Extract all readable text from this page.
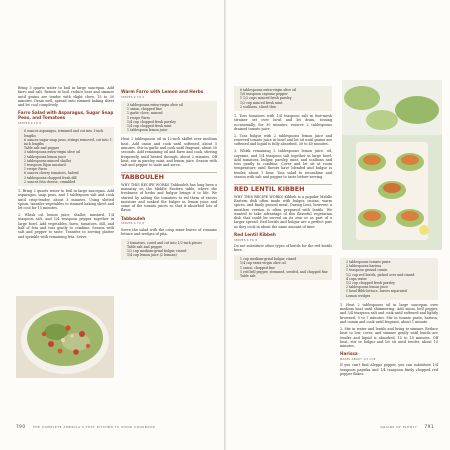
Bring 3 quarts water to boil in large saucepan. Add farro and salt. Return to boil, reduce heat and simmer until grains are tender with slight chew, 15 to 30 minutes. Drain well, spread onto rimmed baking sheet and let cool completely.

Farro Salad with Asparagus, Sugar Snap Peas, and Tomatoes
SERVES 4 TO 6
6 ounces asparagus, trimmed and cut into 1-inch lengths
6 ounces sugar snap peas, strings removed, cut into 1-inch lengths
Table salt and pepper
3 tablespoons extra-virgin olive oil
2 tablespoons lemon juice
2 tablespoons minced shallot
1 teaspoon Dijon mustard
1 recipe Farro
6 ounces cherry tomatoes, halved
3 tablespoons chopped fresh dill
2 ounces feta cheese, crumbled

1. Bring 2 quarts water to boil in large saucepan. Add asparagus, snap peas, and 1 tablespoon salt and cook until crisp-tender, about 3 minutes. Using slotted spoon, transfer vegetables to rimmed baking sheet and let cool for 15 minutes.

2. Whisk oil, lemon juice, shallot, mustard, 1/4 teaspoon salt, and 1/4 teaspoon pepper together in large bowl. Add vegetables, farro, tomatoes, dill, and half of feta and toss gently to combine. Season with salt and pepper to taste. Transfer to serving platter and sprinkle with remaining feta. Serve.

Warm Farro with Lemon and Herbs
SERVES 4 TO 6
3 tablespoons extra-virgin olive oil
1 onion, chopped fine
1 garlic clove, minced
1 recipe Farro
1/4 cup chopped fresh parsley
1/4 cup chopped fresh mint
1 tablespoon lemon juice

Heat 2 tablespoons oil in 12-inch skillet over medium heat. Add onion and cook until softened, about 5 minutes. Stir in garlic and cook until fragrant, about 30 seconds. Add remaining oil and farro and cook, stirring frequently, until heated through, about 2 minutes. Off heat, stir in parsley, mint, and lemon juice. Season with salt and pepper to taste and serve.

TABBOULEH

WHY THIS RECIPE WORKS Tabbouleh has long been a mainstay on the Middle Eastern table, where the freshness of herbs and bulgur brings it to life. We started by salting the tomatoes to rid them of excess moisture and soaked the bulgur in lemon juice and some of the tomato juices so that it absorbed lots of flavor.

Tabbouleh
SERVES 4 TO 6

Serve the salad with the crisp inner leaves of romaine lettuce and wedges of pita.

3 tomatoes, cored and cut into 1/2-inch pieces
Table salt and pepper
1/2 cup medium-grind bulgur, rinsed
1/4 cup lemon juice (2 lemons)
790 THE COMPLETE AMERICA'S TEST KITCHEN TV SHOW COOKBOOK
6 tablespoons extra-virgin olive oil
1/8 teaspoon cayenne pepper
1 1/2 cups minced fresh parsley
1/2 cup minced fresh mint
2 scallions, sliced thin

1. Toss tomatoes with 1/4 teaspoon salt in fine-mesh strainer set over bowl and let drain, tossing occasionally, for 30 minutes; reserve 2 tablespoons drained tomato juice.

2. Toss bulgur with 2 tablespoons lemon juice and reserved tomato juice in bowl and let sit until grains are softened and liquid is fully absorbed, 30 to 40 minutes.

3. Whisk remaining 2 tablespoons lemon juice, oil, cayenne, and 1/4 teaspoon salt together in large bowl. Add tomatoes, bulgur, parsley, mint, and scallions and toss gently to combine. Cover and let sit at room temperature until flavors have blended and bulgur is tender, about 1 hour. Toss salad to recombine and season with salt and pepper to taste before serving.

RED LENTIL KIBBEH

WHY THIS RECIPE WORKS Kibbeh is a popular Middle Eastern dish often made with bulgur, onions, warm spices, and finely ground meat. During Lent, however, a meatless version is often prepared with lentils. We wanted to take advantage of this flavorful vegetarian dish that could be served on its own or as part of a larger spread. Red lentils and bulgur are a perfect pair as they cook in about the same amount of time.

Red Lentil Kibbeh
SERVES 6 TO 8

Do not substitute other types of lentils for the red lentils here.

1 cup medium-grind bulgur, rinsed
1/4 cup extra-virgin olive oil
1 onion, chopped fine
1 red bell pepper, stemmed, seeded, and chopped fine
Table salt
2 tablespoons tomato paste
2 tablespoons harissa
1 teaspoon ground cumin
1/2 cup red lentils, picked over and rinsed
4 cups water
1/2 cup chopped fresh parsley
2 tablespoons lemon juice
1 head Bibb lettuce, leaves separated
Lemon wedges

1. Heat 2 tablespoons oil in large saucepan over medium heat until shimmering. Add onion, bell pepper, and 3/4 teaspoon salt and cook until softened and lightly browned, 5 to 7 minutes. Stir in tomato paste, harissa, and cumin and cook until fragrant, about 1 minute.

2. Stir in water and lentils and bring to simmer. Reduce heat to low, cover, and simmer gently until lentils are tender and liquid is absorbed, 15 to 18 minutes. Off heat, stir in bulgur and let sit until tender, about 15 minutes.

Harissa
MAKES ABOUT 1/2 CUP

If you can't find Aleppo pepper, you can substitute 1/4 teaspoon paprika and 1/4 teaspoon finely chopped red pepper flakes.

GRAINS OF PLENTY 791
